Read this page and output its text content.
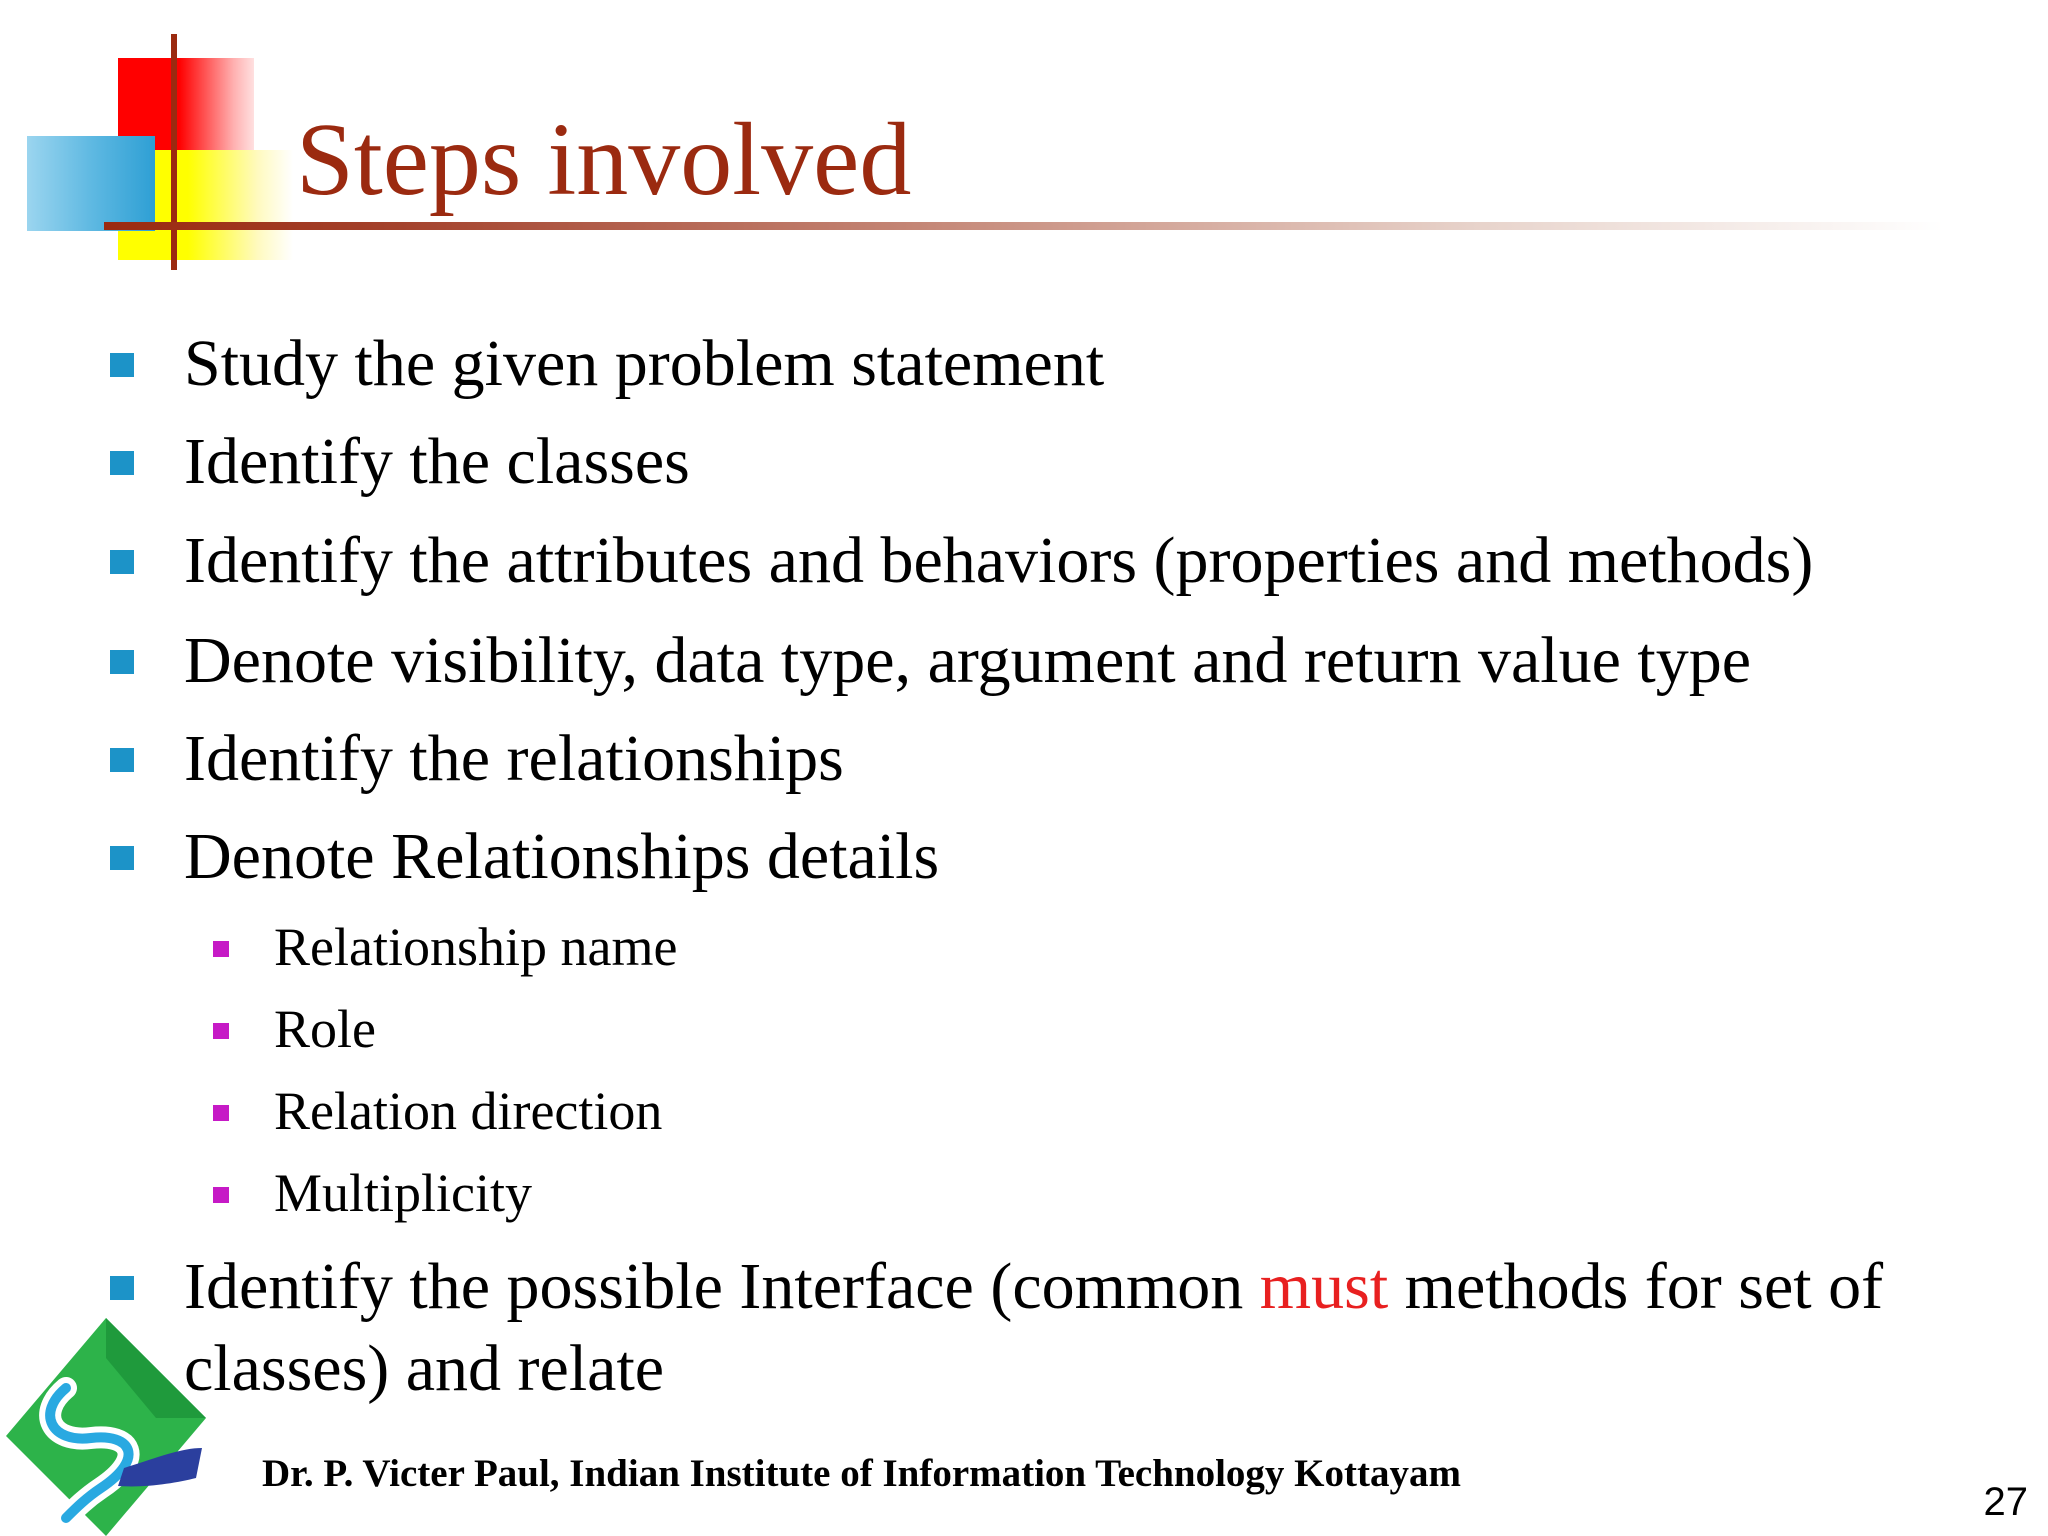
Steps involved
Study the given problem statement
Identify the classes
Identify the attributes and behaviors (properties and methods)
Denote visibility, data type, argument and return value type
Identify the relationships
Denote Relationships details
Relationship name
Role
Relation direction
Multiplicity
Identify the possible Interface (common must methods for set of classes) and relate
Dr. P. Victer Paul, Indian Institute of Information Technology Kottayam
27
